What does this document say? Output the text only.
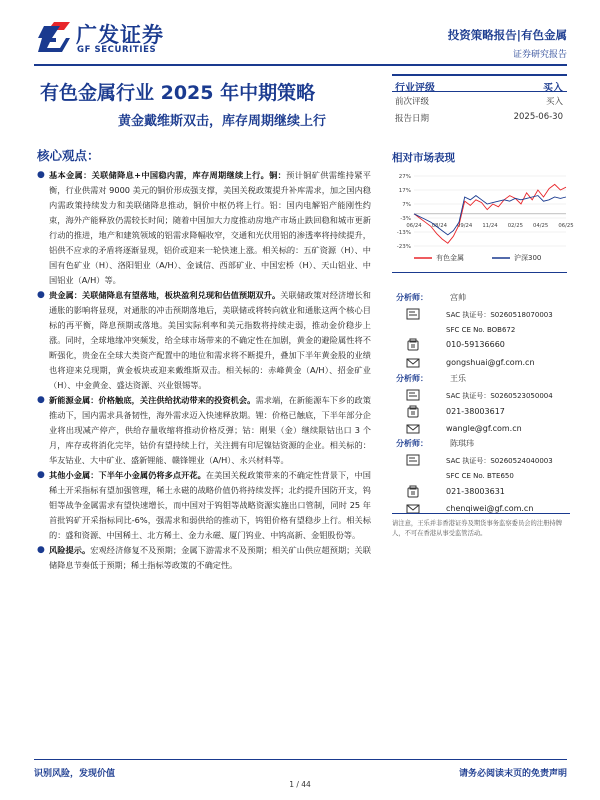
广发证券
GF SECURITIES
投资策略报告|有色金属
证券研究报告
有色金属行业 2025 年中期策略
黄金戴维斯双击，库存周期继续上行
行业评级	买入
前次评级	买入
报告日期	2025-06-30
相对市场表现
27%
17%
7%
-3%
-13%
-23%
06/24 08/24 09/24 11/24 02/25 04/25 06/25
有色金属	沪深300
分析师：	宫帅
SAC 执证号：S0260518070003
SFC CE No. BOB672
010-59136660
gongshuai@gf.com.cn
分析师：	王乐
SAC 执证号：S0260523050004
021-38003617
wangle@gf.com.cn
分析师：	陈琪玮
SAC 执证号：S0260524040003
SFC CE No. BTE650
021-38003631
chenqiwei@gf.com.cn
请注意，王乐并非香港证券及期货事务监察委员会的注册持牌人，不可在香港从事受监管活动。
核心观点：
● 基本金属：关联储降息+中国稳内需，库存周期继续上行。铜：预计铜矿供需维持紧平衡，行业供需对 9000 美元的铜价形成强支撑，美国关税政策提升补库需求，加之国内稳内需政策持续发力和美联储降息推动，铜价中枢仍将上行。铝：国内电解铝产能刚性约束，海外产能释放仍需较长时间；随着中国加大力度推动房地产市场止跌回稳和城市更新行动的推进，地产和建筑领域的铝需求降幅收窄，交通和光伏用铝的渗透率将持续提升，铝供不应求的矛盾将逐渐显现，铝价或迎来一轮快速上涨。相关标的：五矿资源（H）、中国有色矿业（H）、洛阳钼业（A/H）、金诚信、西部矿业、中国宏桥（H）、天山铝业、中国铝业（A/H）等。
● 贵金属：关联储降息有望落地，板块盈利兑现和估值预期双升。关联储政策对经济增长和通胀的影响将显现，对通胀的冲击预期落地后，美联储或将转向就业和通胀这两个核心目标的再平衡，降息预期或落地。美国实际利率和美元指数将持续走弱，推动金价稳步上涨。同时，全球地缘冲突频发，给全球市场带来的不确定性在加剧，黄金的避险属性将不断强化，贵金在全球大类资产配置中的地位和需求将不断提升，叠加下半年黄金股的业绩也将迎来兑现期，黄金板块或迎来戴维斯双击。相关标的：赤峰黄金（A/H）、招金矿业（H）、中金黄金、盛达资源、兴业银锡等。
● 新能源金属：价格触底，关注供给扰动带来的投资机会。需求端，在新能源车下乡的政策推动下，国内需求具备韧性，海外需求迈入快速释放期。锂：价格已触底，下半年部分企业将出现减产停产，供给存量收缩将推动价格反弹；钴：刚果（金）继续限钴出口 3 个月，库存或将消化完毕，钴价有望持续上行，关注拥有印尼镍钴资源的企业。相关标的：华友钴业、大中矿业、盛新锂能、赣锋锂业（A/H）、永兴材料等。
● 其他小金属：下半年小金属仍将多点开花。在美国关税政策带来的不确定性背景下，中国稀土开采指标有望加强管理，稀土永磁的战略价值仍将持续发挥；北约提升国防开支，钨钼等战争金属需求有望快速增长，而中国对于钨钼等战略资源实施出口管制，同时 25 年首批钨矿开采指标同比-6%，强需求和弱供给的推动下，钨钼价格有望稳步上行。相关标的：盛和资源、中国稀土、北方稀土、金力永磁、厦门钨业、中钨高新、金钼股份等。
● 风险提示。宏观经济修复不及预期；金属下游需求不及预期；相关矿山供应超预期；关联储降息节奏低于预期；稀土指标等政策的不确定性。
识别风险，发现价值	请务必阅读末页的免责声明
1 / 44
